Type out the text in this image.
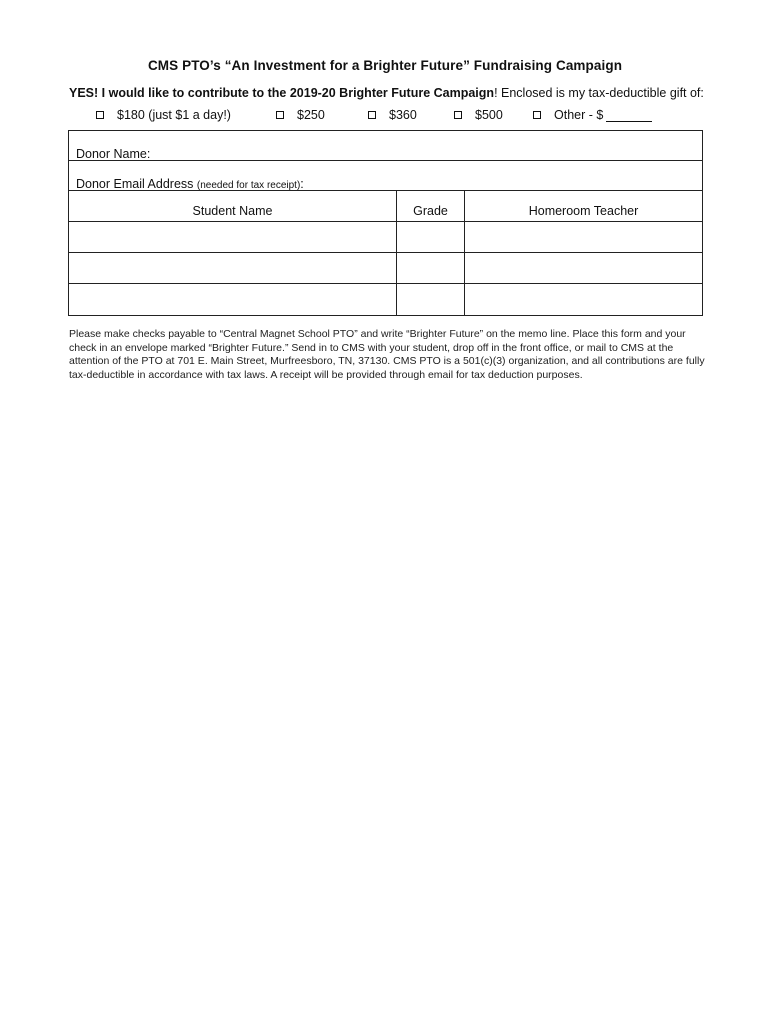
CMS PTO’s “An Investment for a Brighter Future” Fundraising Campaign
YES! I would like to contribute to the 2019-20 Brighter Future Campaign! Enclosed is my tax-deductible gift of:
$180 (just $1 a day!)	$250	$360	$500	Other - $
Donor Name:
Donor Email Address (needed for tax receipt):
Student Name	Grade	Homeroom Teacher
Please make checks payable to “Central Magnet School PTO” and write “Brighter Future” on the memo line. Place this form and your check in an envelope marked “Brighter Future.” Send in to CMS with your student, drop off in the front office, or mail to CMS at the attention of the PTO at 701 E. Main Street, Murfreesboro, TN, 37130. CMS PTO is a 501(c)(3) organization, and all contributions are fully tax-deductible in accordance with tax laws. A receipt will be provided through email for tax deduction purposes.
